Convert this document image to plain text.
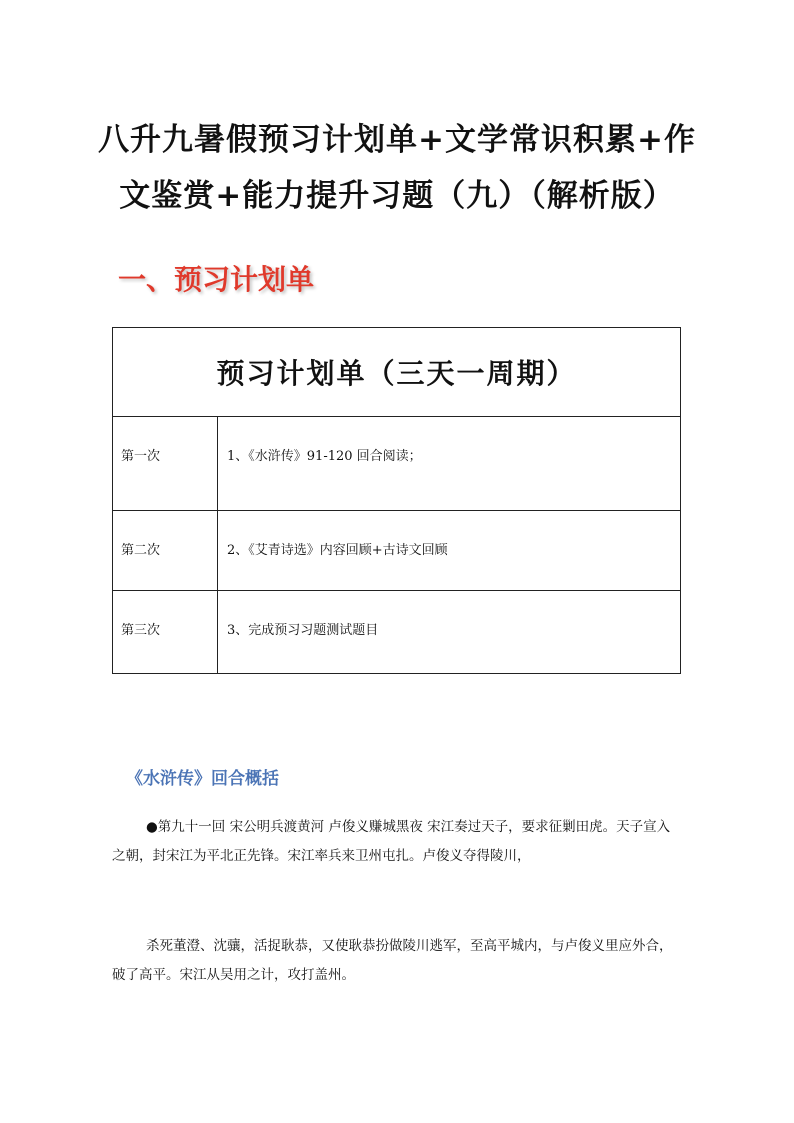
八升九暑假预习计划单+文学常识积累+作文鉴赏+能力提升习题（九）（解析版）
一、预习计划单
预习计划单（三天一周期）	
第一次	1、《水浒传》91-120 回合阅读；
第二次	2、《艾青诗选》内容回顾+古诗文回顾
第三次	3、完成预习习题测试题目
《水浒传》回合概括

●第九十一回 宋公明兵渡黄河 卢俊义赚城黑夜 宋江奏过天子，要求征剿田虎。天子宣入之朝，封宋江为平北正先锋。宋江率兵来卫州屯扎。卢俊义夺得陵川，

杀死董澄、沈骧，活捉耿恭，又使耿恭扮做陵川逃军，至高平城内，与卢俊义里应外合，破了高平。宋江从吴用之计，攻打盖州。
